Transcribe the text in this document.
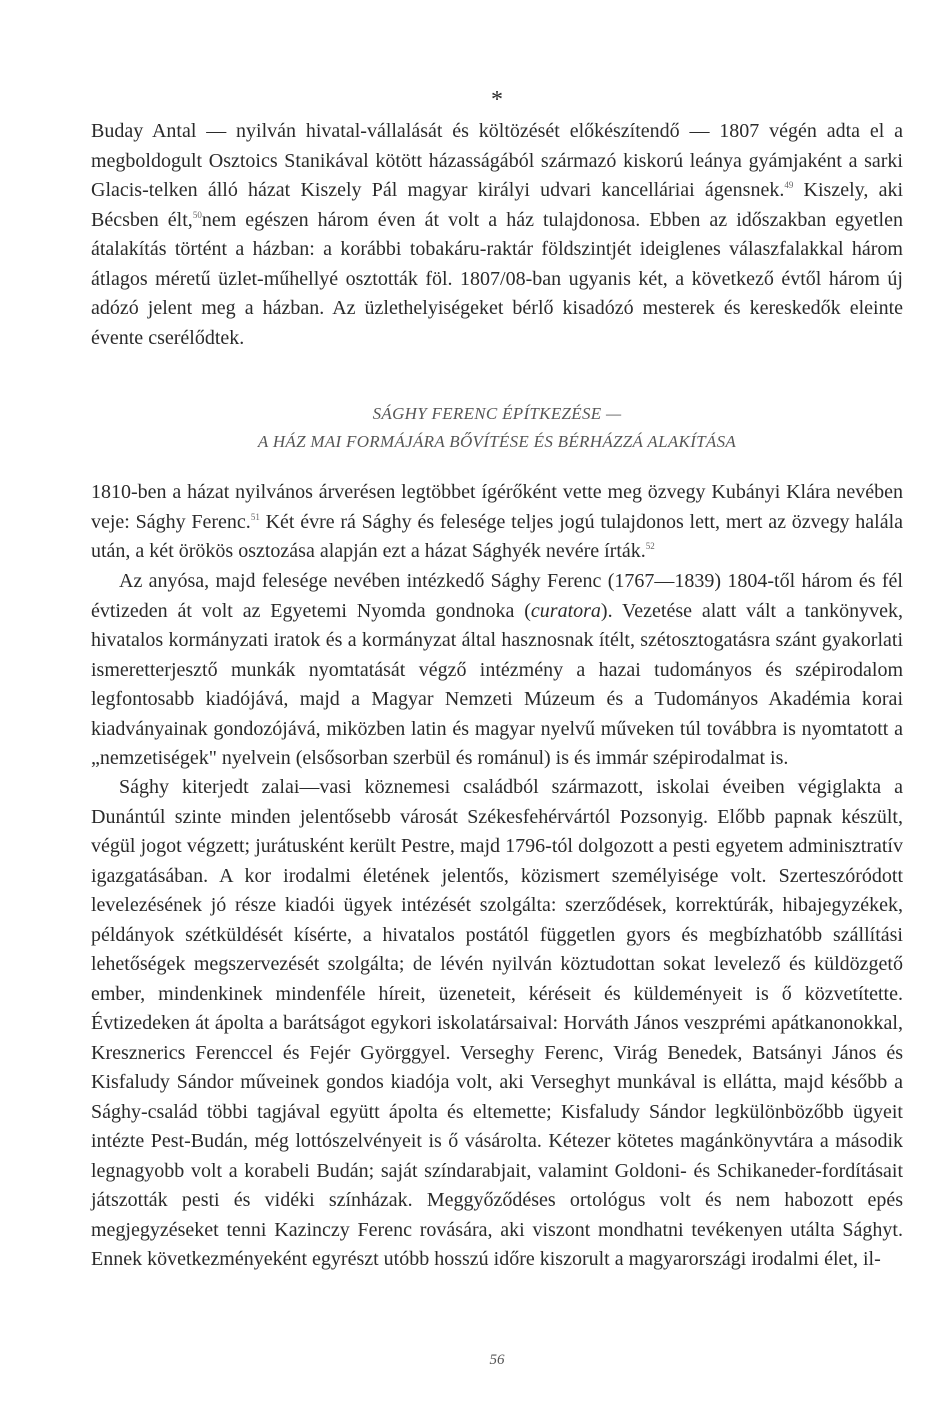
*

Buday Antal — nyilván hivatal-vállalását és költözését előkészítendő — 1807 végén adta el a megboldogult Osztoics Stanikával kötött házasságából származó kiskorú leánya gyámjaként a sarki Glacis-telken álló házat Kiszely Pál magyar királyi udvari kancelláriai ágensnek.$^{49}$ Kiszely, aki Bécsben élt,$^{50}$nem egészen három éven át volt a ház tulajdonosa. Ebben az időszakban egyetlen átalakítás történt a házban: a korábbi tobakáru-raktár földszintjét ideiglenes válaszfalakkal három átlagos méretű üzlet-műhellyé osztották föl. 1807/08-ban ugyanis két, a következő évtől három új adózó jelent meg a házban. Az üzlethelyiségeket bérlő kisadózó mesterek és kereskedők eleinte évente cserélődtek.

SÁGHY FERENC ÉPÍTKEZÉSE —
A HÁZ MAI FORMÁJÁRA BŐVÍTÉSE ÉS BÉRHÁZZÁ ALAKÍTÁSA

1810-ben a házat nyilvános árverésen legtöbbet ígérőként vette meg özvegy Kubányi Klára nevében veje: Sághy Ferenc.$^{51}$ Két évre rá Sághy és felesége teljes jogú tulajdonos lett, mert az özvegy halála után, a két örökös osztozása alapján ezt a házat Sághyék nevére írták.$^{52}$

Az anyósa, majd felesége nevében intézkedő Sághy Ferenc (1767—1839) 1804-től három és fél évtizeden át volt az Egyetemi Nyomda gondnoka (curatora). Vezetése alatt vált a tankönyvek, hivatalos kormányzati iratok és a kormányzat által hasznosnak ítélt, szétosztogatásra szánt gyakorlati ismeretterjesztő munkák nyomtatását végző intézmény a hazai tudományos és szépirodalom legfontosabb kiadójává, majd a Magyar Nemzeti Múzeum és a Tudományos Akadémia korai kiadványainak gondozójává, miközben latin és magyar nyelvű műveken túl továbbra is nyomtatott a „nemzetiségek" nyelvein (elsősorban szerbül és románul) is és immár szépirodalmat is.

Sághy kiterjedt zalai—vasi köznemesi családból származott, iskolai éveiben végiglakta a Dunántúl szinte minden jelentősebb városát Székesfehérvártól Pozsonyig. Előbb papnak készült, végül jogot végzett; jurátusként került Pestre, majd 1796-tól dolgozott a pesti egyetem adminisztratív igazgatásában. A kor irodalmi életének jelentős, közismert személyisége volt. Szerteszóródott levelezésének jó része kiadói ügyek intézését szolgálta: szerződések, korrektúrák, hibajegyzékek, példányok szétküldését kísérte, a hivatalos postától független gyors és megbízhatóbb szállítási lehetőségek megszervezését szolgálta; de lévén nyilván köztudottan sokat levelező és küldözgető ember, mindenkinek mindenféle híreit, üzeneteit, kéréseit és küldeményeit is ő közvetítette. Évtizedeken át ápolta a barátságot egykori iskolatársaival: Horváth János veszprémi apátkanonokkal, Kresznerics Ferenccel és Fejér Györggyel. Verseghy Ferenc, Virág Benedek, Batsányi János és Kisfaludy Sándor műveinek gondos kiadója volt, aki Verseghyt munkával is ellátta, majd később a Sághy-család többi tagjával együtt ápolta és eltemette; Kisfaludy Sándor legkülönbözőbb ügyeit intézte Pest-Budán, még lottószelvényeit is ő vásárolta. Kétezer kötetes magánkönyvtára a második legnagyobb volt a korabeli Budán; saját színdarabjait, valamint Goldoni- és Schikaneder-fordításait játszották pesti és vidéki színházak. Meggyőződéses ortológus volt és nem habozott epés megjegyzéseket tenni Kazinczy Ferenc rovására, aki viszont mondhatni tevékenyen utálta Sághyt. Ennek következményeként egyrészt utóbb hosszú időre kiszorult a magyarországi irodalmi élet, il-

56
